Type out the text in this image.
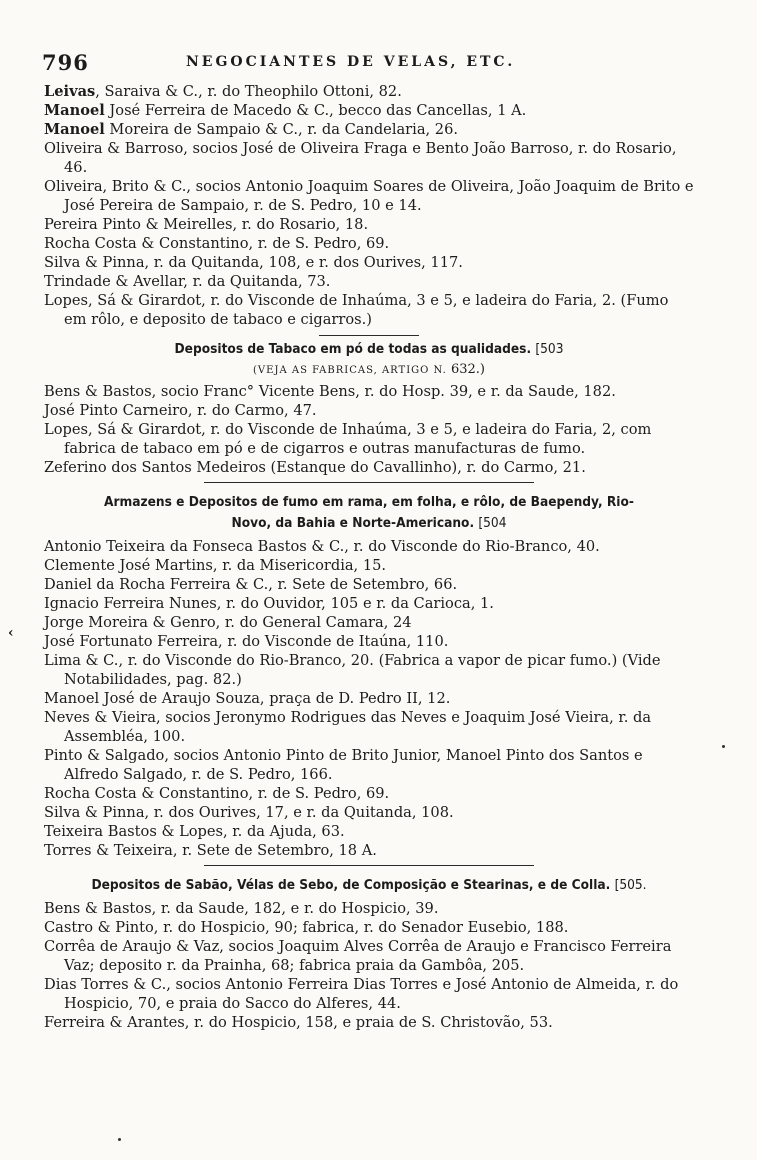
796	NEGOCIANTES DE VELAS, ETC.

Leivas, Saraiva & C., r. do Theophilo Ottoni, 82.

Manoel José Ferreira de Macedo & C., becco das Cancellas, 1 A.

Manoel Moreira de Sampaio & C., r. da Candelaria, 26.

Oliveira & Barroso, socios José de Oliveira Fraga e Bento João Barroso, r. do Rosario, 46.

Oliveira, Brito & C., socios Antonio Joaquim Soares de Oliveira, João Joaquim de Brito e José Pereira de Sampaio, r. de S. Pedro, 10 e 14.

Pereira Pinto & Meirelles, r. do Rosario, 18.

Rocha Costa & Constantino, r. de S. Pedro, 69.

Silva & Pinna, r. da Quitanda, 108, e r. dos Ourives, 117.

Trindade & Avellar, r. da Quitanda, 73.

Lopes, Sá & Girardot, r. do Visconde de Inhaúma, 3 e 5, e ladeira do Faria, 2. (Fumo em rôlo, e deposito de tabaco e cigarros.)

Depositos de Tabaco em pó de todas as qualidades. [503

(VEJA AS FABRICAS, ARTIGO N. 632.)

Bens & Bastos, socio Franc° Vicente Bens, r. do Hosp. 39, e r. da Saude, 182.

José Pinto Carneiro, r. do Carmo, 47.

Lopes, Sá & Girardot, r. do Visconde de Inhaúma, 3 e 5, e ladeira do Faria, 2, com fabrica de tabaco em pó e de cigarros e outras manufacturas de fumo.

Zeferino dos Santos Medeiros (Estanque do Cavallinho), r. do Carmo, 21.

Armazens e Depositos de fumo em rama, em folha, e rôlo, de Baependy, Rio-

Novo, da Bahia e Norte-Americano. [504

Antonio Teixeira da Fonseca Bastos & C., r. do Visconde do Rio-Branco, 40.

Clemente José Martins, r. da Misericordia, 15.

Daniel da Rocha Ferreira & C., r. Sete de Setembro, 66.

Ignacio Ferreira Nunes, r. do Ouvidor, 105 e r. da Carioca, 1.

Jorge Moreira & Genro, r. do General Camara, 24

José Fortunato Ferreira, r. do Visconde de Itaúna, 110.

Lima & C., r. do Visconde do Rio-Branco, 20. (Fabrica a vapor de picar fumo.) (Vide Notabilidades, pag. 82.)

Manoel José de Araujo Souza, praça de D. Pedro II, 12.

Neves & Vieira, socios Jeronymo Rodrigues das Neves e Joaquim José Vieira, r. da Assembléa, 100.

Pinto & Salgado, socios Antonio Pinto de Brito Junior, Manoel Pinto dos Santos e Alfredo Salgado, r. de S. Pedro, 166.

Rocha Costa & Constantino, r. de S. Pedro, 69.

Silva & Pinna, r. dos Ourives, 17, e r. da Quitanda, 108.

Teixeira Bastos & Lopes, r. da Ajuda, 63.

Torres & Teixeira, r. Sete de Setembro, 18 A.

Depositos de Sabão, Vélas de Sebo, de Composição e Stearinas, e de Colla. [505.

Bens & Bastos, r. da Saude, 182, e r. do Hospicio, 39.

Castro & Pinto, r. do Hospicio, 90; fabrica, r. do Senador Eusebio, 188.

Corrêa de Araujo & Vaz, socios Joaquim Alves Corrêa de Araujo e Francisco Ferreira Vaz; deposito r. da Prainha, 68; fabrica praia da Gambôa, 205.

Dias Torres & C., socios Antonio Ferreira Dias Torres e José Antonio de Almeida, r. do Hospicio, 70, e praia do Sacco do Alferes, 44.

Ferreira & Arantes, r. do Hospicio, 158, e praia de S. Christovão, 53.

‹
